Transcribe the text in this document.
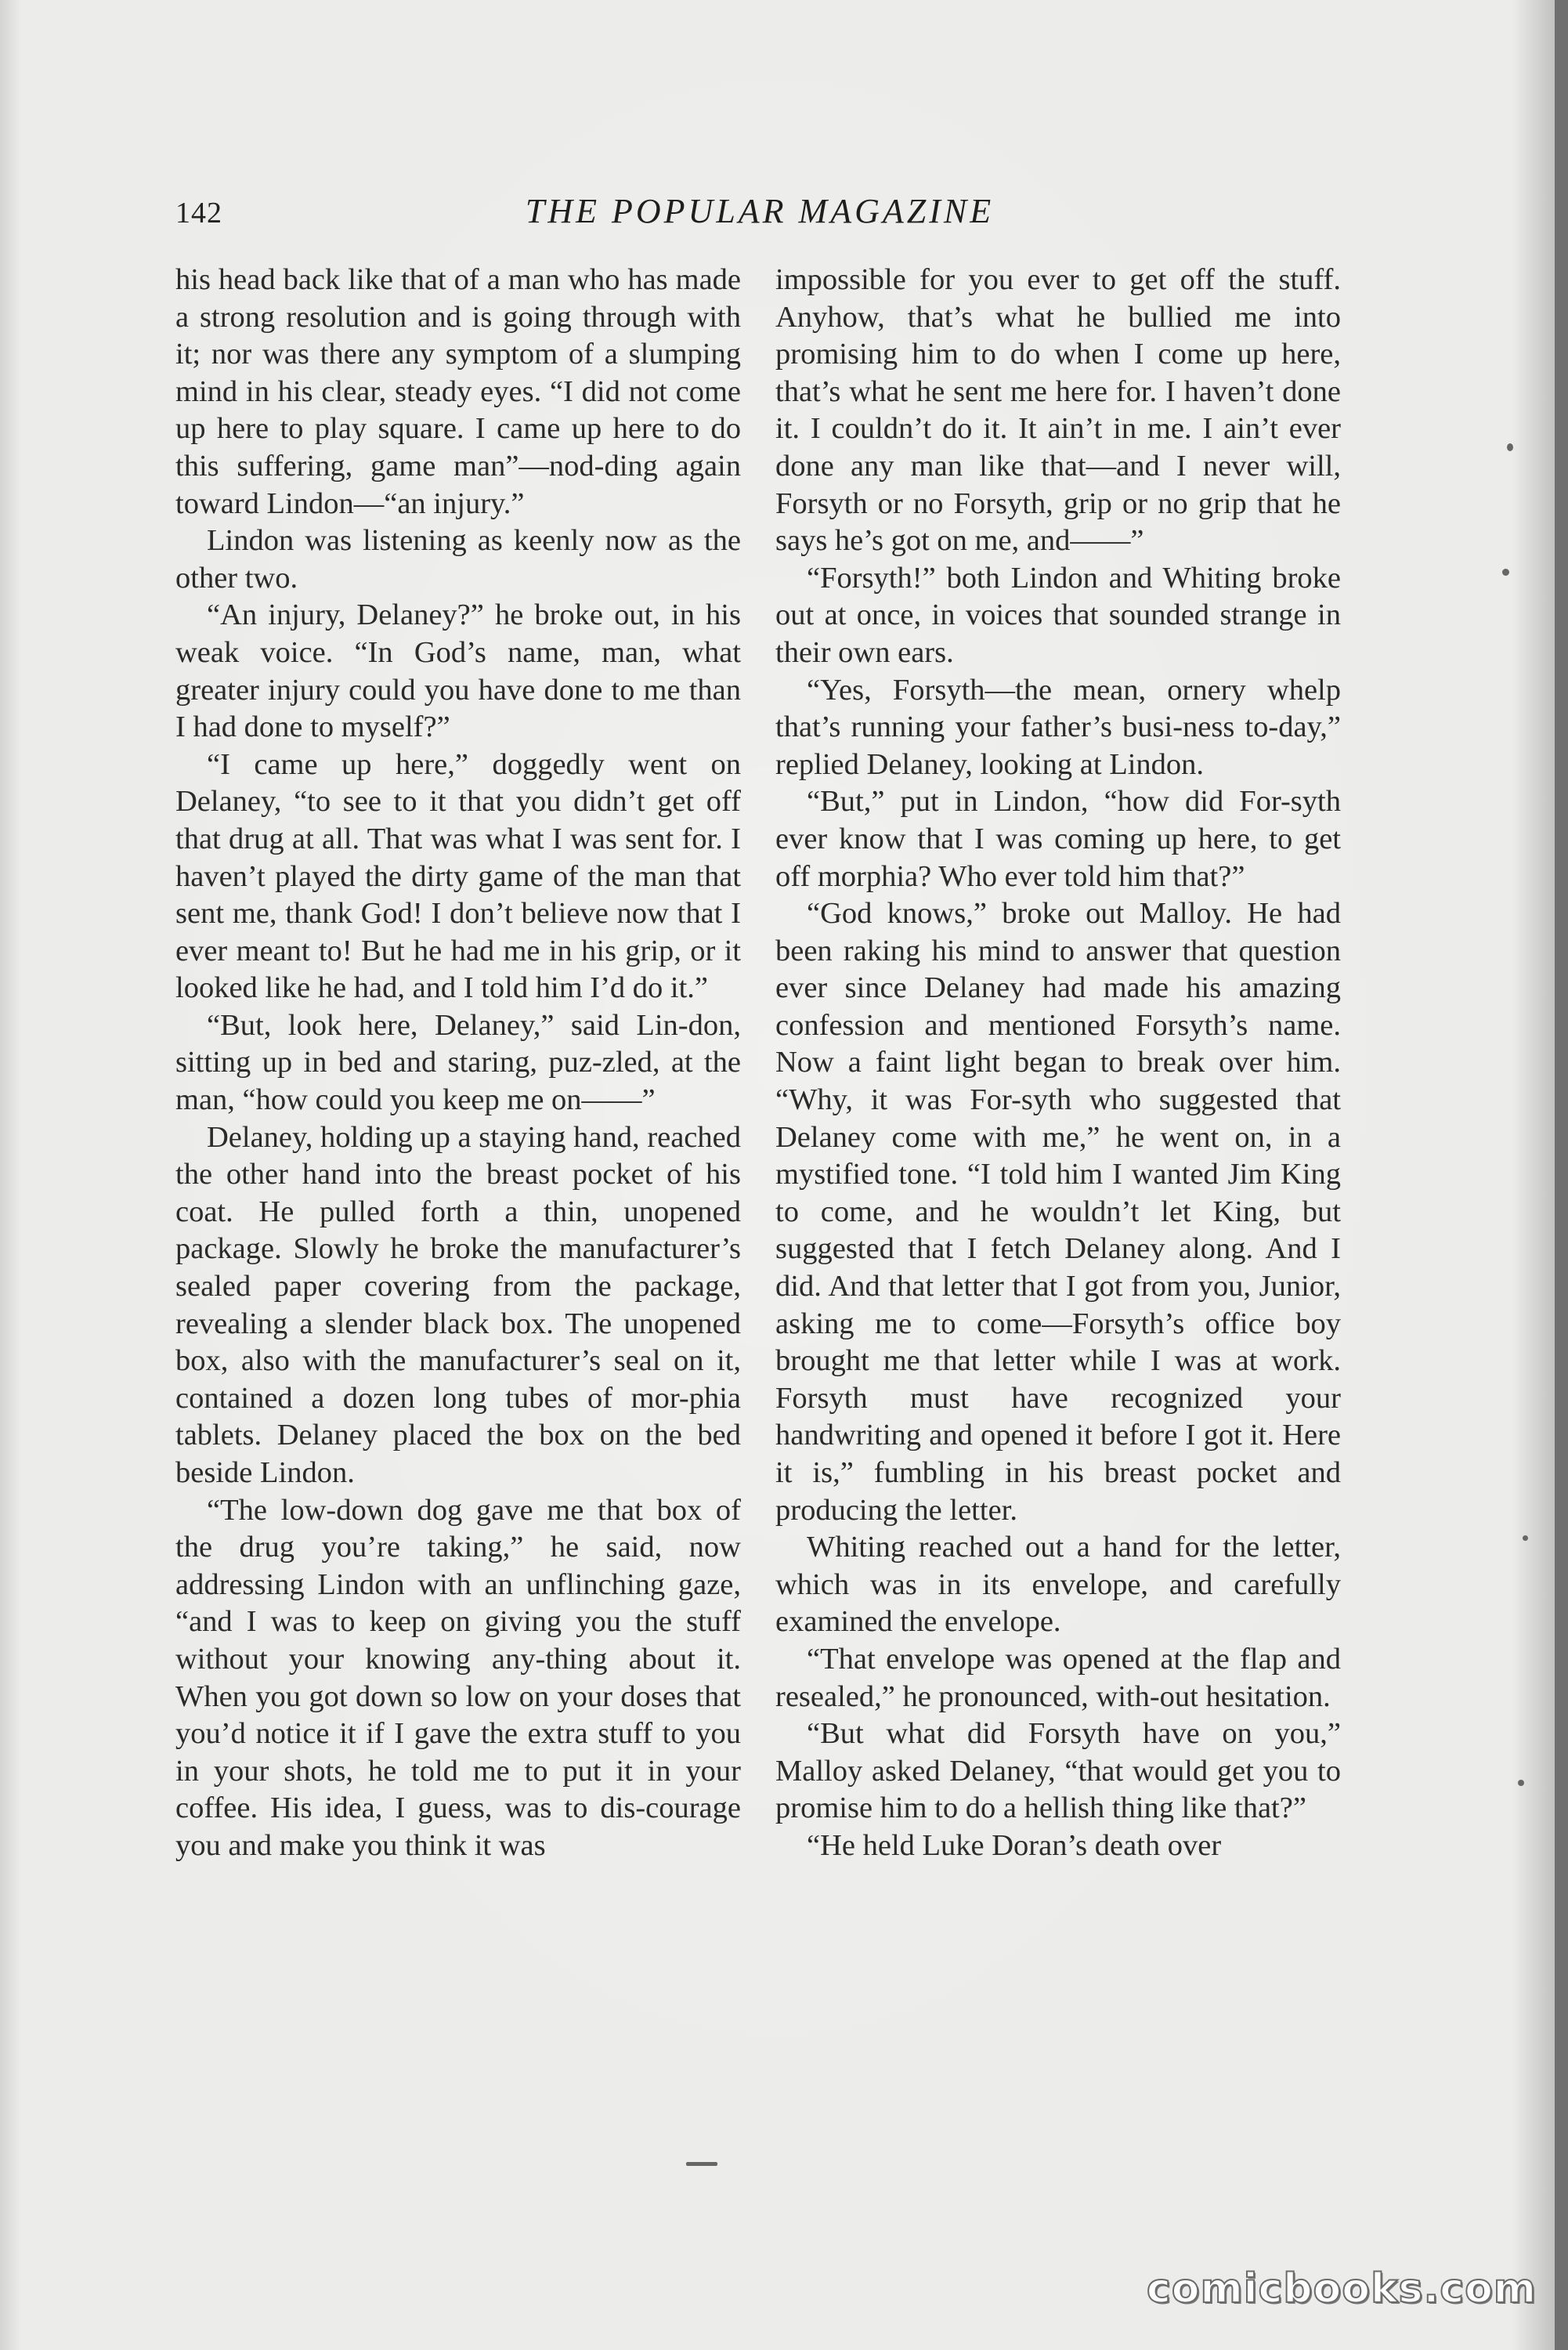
142	THE POPULAR MAGAZINE

his head back like that of a man who has made a strong resolution and is going through with it; nor was there any symptom of a slumping mind in his clear, steady eyes. “I did not come up here to play square. I came up here to do this suffering, game man”—nod-ding again toward Lindon—“an injury.”

Lindon was listening as keenly now as the other two.

“An injury, Delaney?” he broke out, in his weak voice. “In God’s name, man, what greater injury could you have done to me than I had done to myself?”

“I came up here,” doggedly went on Delaney, “to see to it that you didn’t get off that drug at all. That was what I was sent for. I haven’t played the dirty game of the man that sent me, thank God! I don’t believe now that I ever meant to! But he had me in his grip, or it looked like he had, and I told him I’d do it.”

“But, look here, Delaney,” said Lin-don, sitting up in bed and staring, puz-zled, at the man, “how could you keep me on——”

Delaney, holding up a staying hand, reached the other hand into the breast pocket of his coat. He pulled forth a thin, unopened package. Slowly he broke the manufacturer’s sealed paper covering from the package, revealing a slender black box. The unopened box, also with the manufacturer’s seal on it, contained a dozen long tubes of mor-phia tablets. Delaney placed the box on the bed beside Lindon.

“The low-down dog gave me that box of the drug you’re taking,” he said, now addressing Lindon with an unflinching gaze, “and I was to keep on giving you the stuff without your knowing any-thing about it. When you got down so low on your doses that you’d notice it if I gave the extra stuff to you in your shots, he told me to put it in your coffee. His idea, I guess, was to dis-courage you and make you think it was

impossible for you ever to get off the stuff. Anyhow, that’s what he bullied me into promising him to do when I come up here, that’s what he sent me here for. I haven’t done it. I couldn’t do it. It ain’t in me. I ain’t ever done any man like that—and I never will, Forsyth or no Forsyth, grip or no grip that he says he’s got on me, and——”

“Forsyth!” both Lindon and Whiting broke out at once, in voices that sounded strange in their own ears.

“Yes, Forsyth—the mean, ornery whelp that’s running your father’s busi-ness to-day,” replied Delaney, looking at Lindon.

“But,” put in Lindon, “how did For-syth ever know that I was coming up here, to get off morphia? Who ever told him that?”

“God knows,” broke out Malloy. He had been raking his mind to answer that question ever since Delaney had made his amazing confession and mentioned Forsyth’s name. Now a faint light began to break over him. “Why, it was For-syth who suggested that Delaney come with me,” he went on, in a mystified tone. “I told him I wanted Jim King to come, and he wouldn’t let King, but suggested that I fetch Delaney along. And I did. And that letter that I got from you, Junior, asking me to come—Forsyth’s office boy brought me that letter while I was at work. Forsyth must have recognized your handwriting and opened it before I got it. Here it is,” fumbling in his breast pocket and producing the letter.

Whiting reached out a hand for the letter, which was in its envelope, and carefully examined the envelope.

“That envelope was opened at the flap and resealed,” he pronounced, with-out hesitation.

“But what did Forsyth have on you,” Malloy asked Delaney, “that would get you to promise him to do a hellish thing like that?”

“He held Luke Doran’s death over

comicbooks.com
